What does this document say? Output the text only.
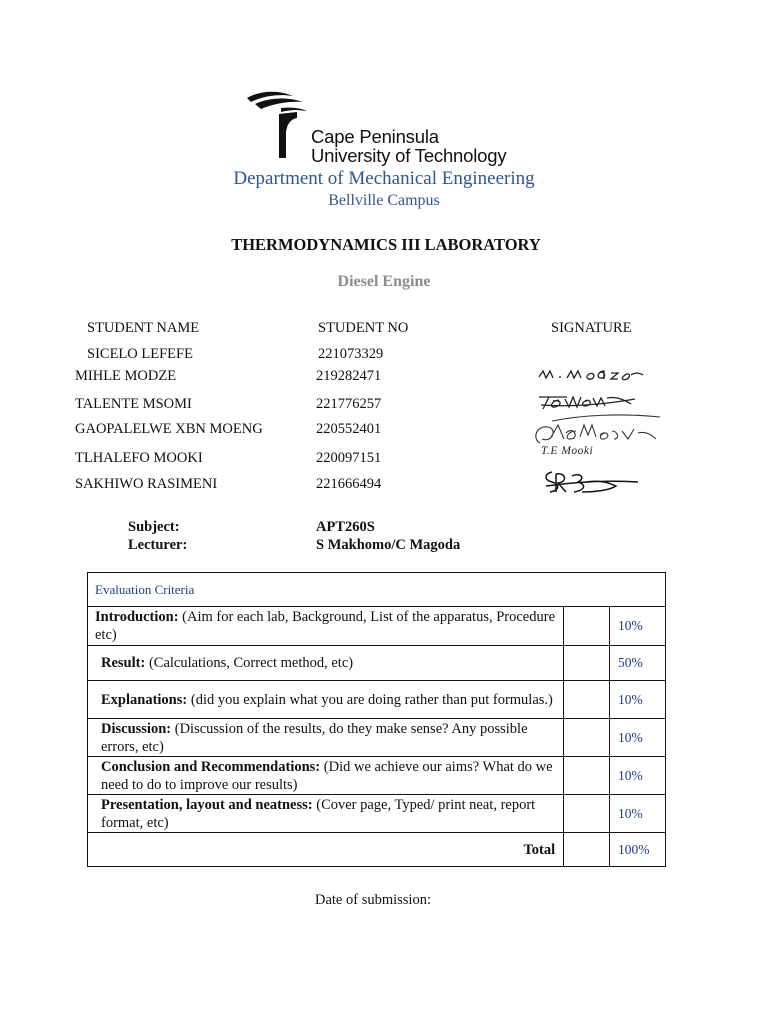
Cape Peninsula
University of Technology
Department of Mechanical Engineering
Bellville Campus
THERMODYNAMICS III LABORATORY
Diesel Engine
STUDENT NAME	STUDENT NO	SIGNATURE
SICELO LEFEFE	221073329
MIHLE MODZE	219282471
TALENTE MSOMI	221776257
GAOPALELWE XBN MOENG	220552401
TLHALEFO MOOKI	220097151	T.E Mooki
SAKHIWO RASIMENI	221666494
Subject:	APT260S
Lecturer:	S Makhomo/C Magoda
Evaluation Criteria		
Introduction: (Aim for each lab, Background, List of the apparatus, Procedure etc)		10%
Result: (Calculations, Correct method, etc)		50%
Explanations: (did you explain what you are doing rather than put formulas.)		10%
Discussion: (Discussion of the results, do they make sense? Any possible errors, etc)		10%
Conclusion and Recommendations: (Did we achieve our aims? What do we need to do to improve our results)		10%
Presentation, layout and neatness: (Cover page, Typed/ print neat, report format, etc)		10%
Total		100%
Date of submission:
